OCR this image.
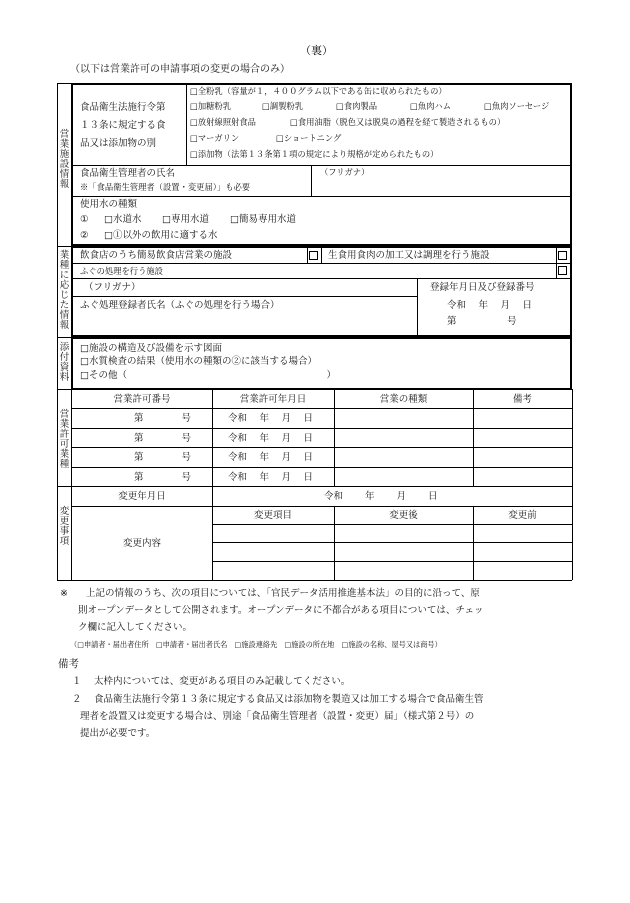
（裏）
（以下は営業許可の申請事項の変更の場合のみ）
営
業
施
設
情
報
業
種
に
応
じ
た
情
報
添
付
資
料
食品衛生法施行令第
１３条に規定する食
品又は添加物の別
□全粉乳（容量が１，４００グラム以下である缶に収められたもの）
□加糖粉乳	□調製粉乳	□食肉製品	□魚肉ハム	□魚肉ソーセージ
□放射線照射食品	□食用油脂（脱色又は脱臭の過程を経て製造されるもの）
□マーガリン	□ショートニング
□添加物（法第１３条第１項の規定により規格が定められたもの）
食品衛生管理者の氏名
※「食品衛生管理者（設置・変更届）」も必要
（フリガナ）
使用水の種類
① □水道水 □専用水道 □簡易専用水道
② □①以外の飲用に適する水
飲食店のうち簡易飲食店営業の施設	生食用食肉の加工又は調理を行う施設
ふぐの処理を行う施設
（フリガナ）
ふぐ処理登録者氏名（ふぐの処理を行う場合）
登録年月日及び登録番号
令和　 年　 月　 日
第　　　　　 号
□施設の構造及び設備を示す図面
□水質検査の結果（使用水の種類の②に該当する場合）
□その他（　　　　　　　　　　　　　　　　　　　　　）
営
業
許
可
業
種
営業許可番号	営業許可年月日	営業の種類	備考
第　　　　号	令和　 年　 月　 日
第　　　　号	令和　 年　 月　 日
第　　　　号	令和　 年　 月　 日
第　　　　号	令和　 年　 月　 日
変
更
事
項
変更年月日	令和　　 年　　 月　　 日
変更項目	変更後	変更前
変更内容
※ 上記の情報のうち、次の項目については、「官民データ活用推進基本法」の目的に沿って、原
則オープンデータとして公開されます。オープンデータに不都合がある項目については、チェッ
ク欄に記入してください。
（□申請者・届出者住所　□申請者・届出者氏名　□施設連絡先　□施設の所在地　□施設の名称、屋号又は商号）
備考
１ 太枠内については、変更がある項目のみ記載してください。
２ 食品衛生法施行令第１３条に規定する食品又は添加物を製造又は加工する場合で食品衛生管
理者を設置又は変更する場合は、別途「食品衛生管理者（設置・変更）届」（様式第２号）の
提出が必要です。
